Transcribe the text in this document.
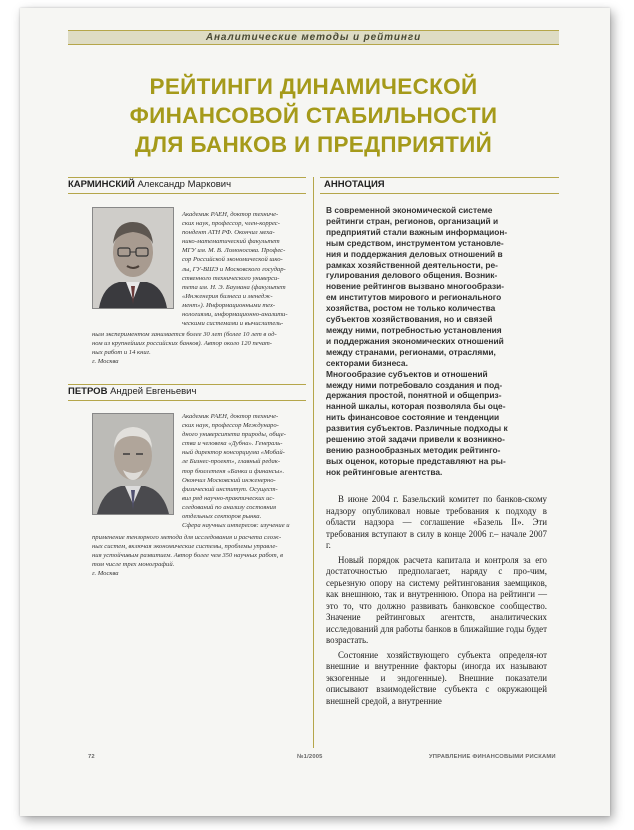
Аналитические методы и рейтинги
РЕЙТИНГИ ДИНАМИЧЕСКОЙ
ФИНАНСОВОЙ СТАБИЛЬНОСТИ
ДЛЯ БАНКОВ И ПРЕДПРИЯТИЙ
КАРМИНСКИЙ Александр Маркович	АННОТАЦИЯ

Академик РАЕН, доктор техниче-

ских наук, профессор, член-коррес-

пондент АТН РФ. Окончил меха-

нико-математический факультет

МГУ им. М. В. Ломоносова. Профес-

сор Российской экономической шко-

лы, ГУ-ВШЭ и Московского государ-

ственного технического универси-

тета им. Н. Э. Баумана (факультет

«Инженерия бизнеса и менедж-

мент»). Информационными тех-

нологиями, информационно-аналити-

ческими системами и вычислитель-

ным экспериментом занимается более 30 лет (более 10 лет в од-

ном из крупнейших российских банков). Автор около 120 печат-

ных работ и 14 книг.

г. Москва

ПЕТРОВ Андрей Евгеньевич

Академик РАЕН, доктор техниче-

ских наук, профессор Междунаро-

дного университета природы, обще-

ства и человека «Дубна». Генераль-

ный директор консорциума «Мобай-

ле Бизнес-проект», главный редак-

тор бюллетеня «Банки и финансы».

Окончил Московский инженерно-

физический институт. Осущест-

вил ряд научно-практических ис-

следований по анализу состояния

отдельных секторов рынка.

Сфера научных интересов: изучение и

применение тензорного метода для исследования и расчета слож-

ных систем, включая экономические системы, проблемы управле-

ния устойчивым развитием. Автор более чем 350 научных работ, в

том числе трех монографий.

г. Москва

В современной экономической системе

рейтинги стран, регионов, организаций и

предприятий стали важным информацион-

ным средством, инструментом установле-

ния и поддержания деловых отношений в

рамках хозяйственной деятельности, ре-

гулирования делового общения. Возник-

новение рейтингов вызвано многообрази-

ем институтов мирового и регионального

хозяйства, ростом не только количества

субъектов хозяйствования, но и связей

между ними, потребностью установления

и поддержания экономических отношений

между странами, регионами, отраслями,

секторами бизнеса.

Многообразие субъектов и отношений

между ними потребовало создания и под-

держания простой, понятной и общеприз-

нанной шкалы, которая позволяла бы оце-

нить финансовое состояние и тенденции

развития субъектов. Различные подходы к

решению этой задачи привели к возникно-

вению разнообразных методик рейтинго-

вых оценок, которые представляют на ры-

нок рейтинговые агентства.

В июне 2004 г. Базельский комитет по банков-скому надзору опубликовал новые требования к подходу в области надзора — соглашение «Базель II». Эти требования вступают в силу в конце 2006 г.– начале 2007 г.

Новый порядок расчета капитала и контроля за его достаточностью предполагает, наряду с про-чим, серьезную опору на систему рейтингования заемщиков, как внешнюю, так и внутреннюю. Опора на рейтинги — это то, что должно развивать банковское сообщество. Значение рейтинговых агентств, аналитических исследований для работы банков в ближайшие годы будет возрастать.

Состояние хозяйствующего субъекта определя-ют внешние и внутренние факторы (иногда их называют экзогенные и эндогенные). Внешние показатели описывают взаимодействие субъекта с окружающей внешней средой, а внутренние

72	№1/2005	УПРАВЛЕНИЕ ФИНАНСОВЫМИ РИСКАМИ
